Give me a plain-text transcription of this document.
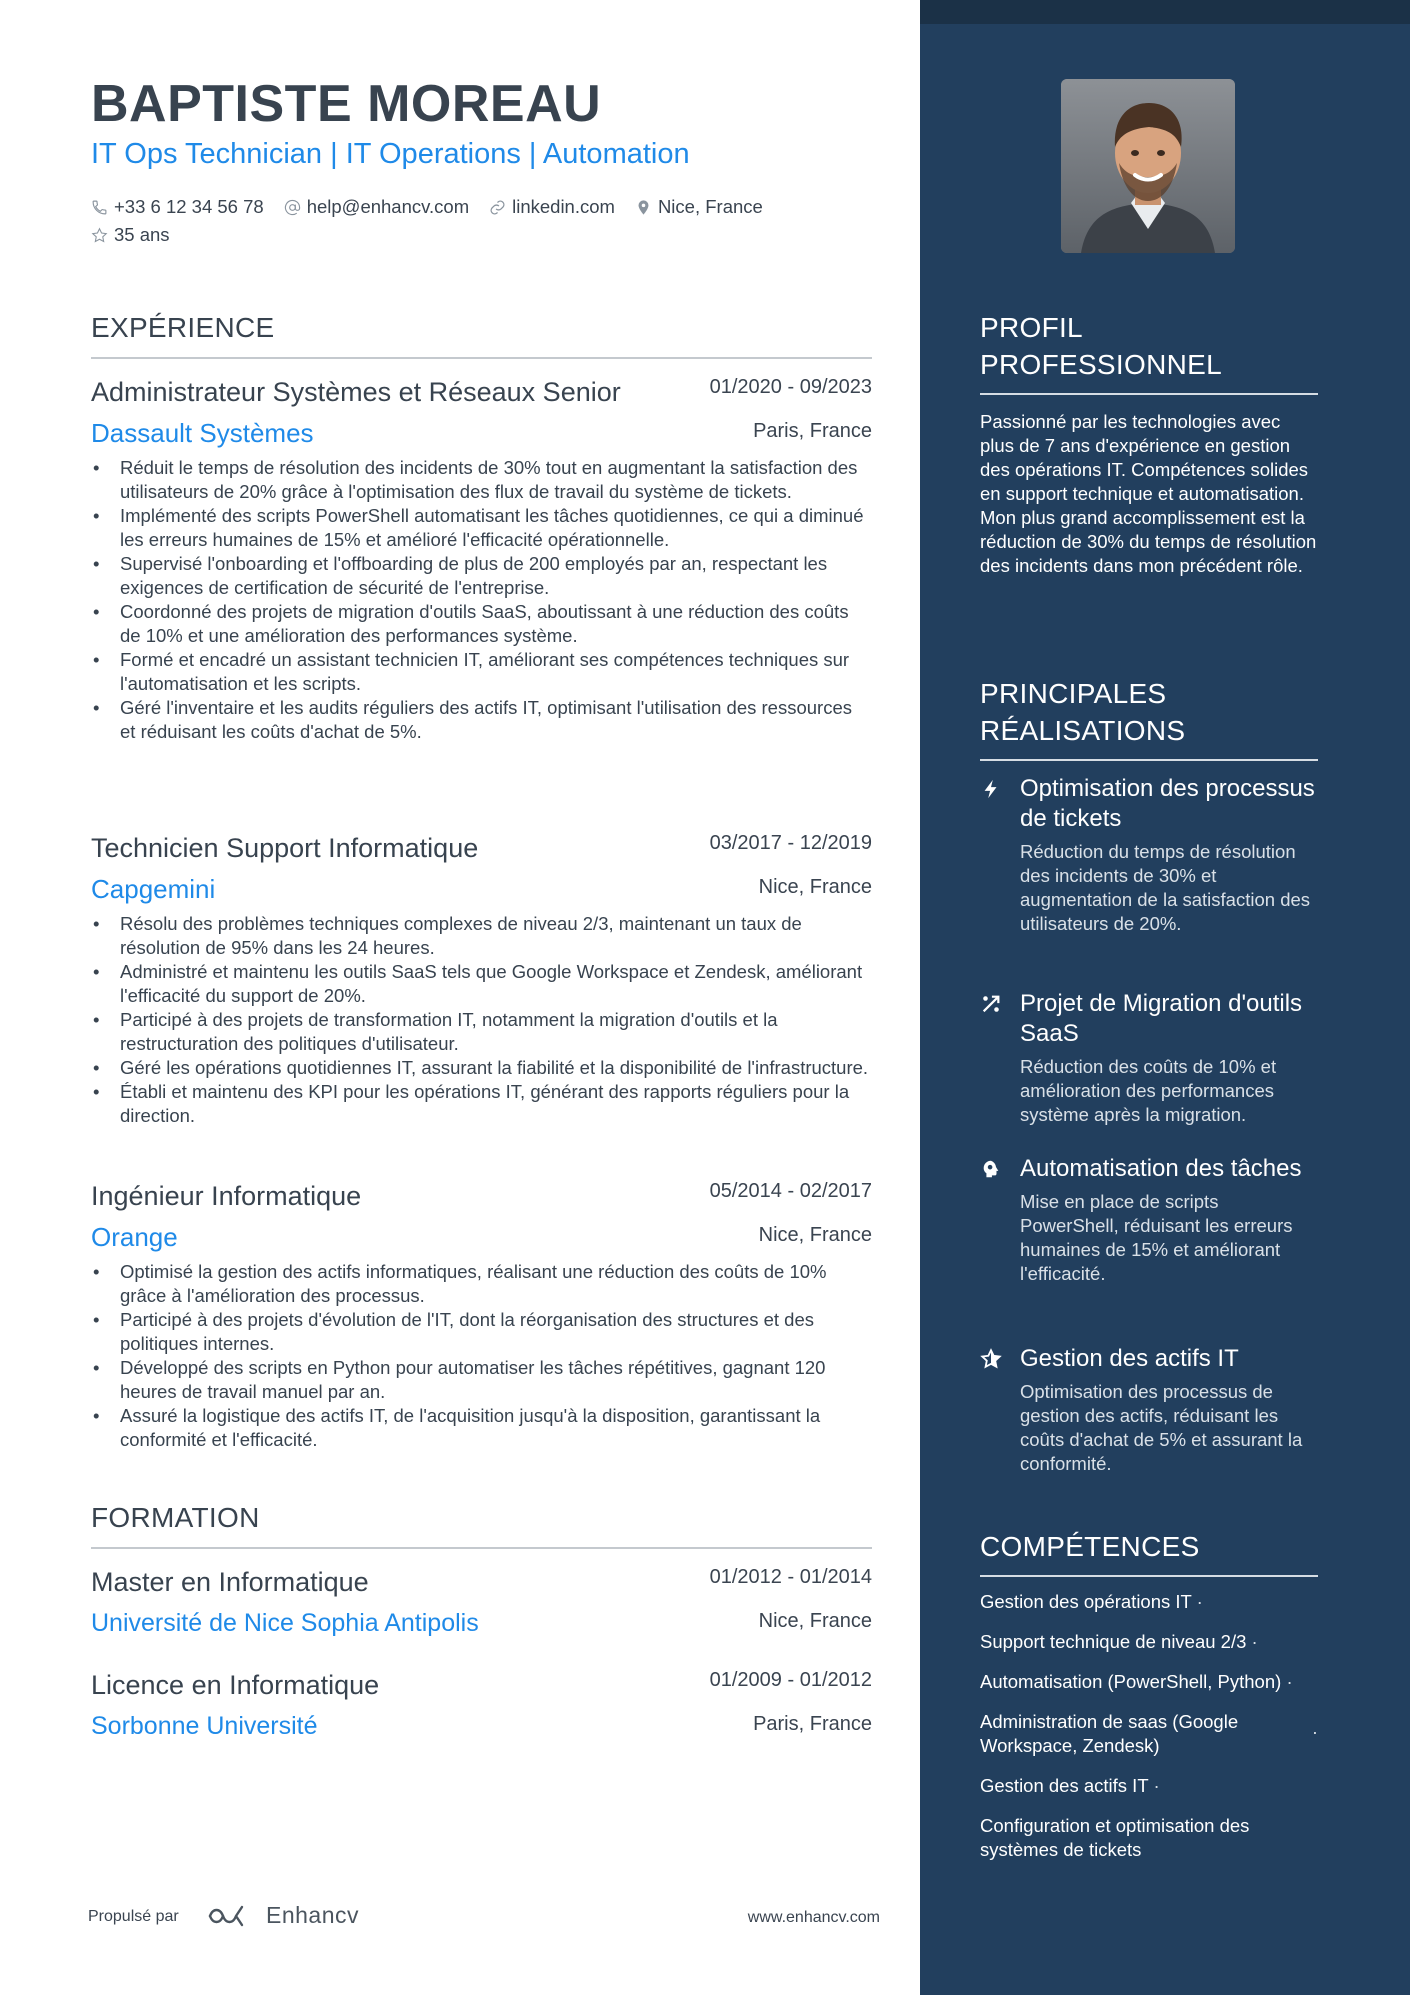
BAPTISTE MOREAU
IT Ops Technician | IT Operations | Automation
+33 6 12 34 56 78 help@enhancv.com linkedin.com Nice, France
35 ans
EXPÉRIENCE
Administrateur Systèmes et Réseaux Senior	01/2020 - 09/2023
Dassault Systèmes	Paris, France
• Réduit le temps de résolution des incidents de 30% tout en augmentant la satisfaction des utilisateurs de 20% grâce à l'optimisation des flux de travail du système de tickets.
• Implémenté des scripts PowerShell automatisant les tâches quotidiennes, ce qui a diminué les erreurs humaines de 15% et amélioré l'efficacité opérationnelle.
• Supervisé l'onboarding et l'offboarding de plus de 200 employés par an, respectant les exigences de certification de sécurité de l'entreprise.
• Coordonné des projets de migration d'outils SaaS, aboutissant à une réduction des coûts de 10% et une amélioration des performances système.
• Formé et encadré un assistant technicien IT, améliorant ses compétences techniques sur l'automatisation et les scripts.
• Géré l'inventaire et les audits réguliers des actifs IT, optimisant l'utilisation des ressources et réduisant les coûts d'achat de 5%.
Technicien Support Informatique	03/2017 - 12/2019
Capgemini	Nice, France
• Résolu des problèmes techniques complexes de niveau 2/3, maintenant un taux de résolution de 95% dans les 24 heures.
• Administré et maintenu les outils SaaS tels que Google Workspace et Zendesk, améliorant l'efficacité du support de 20%.
• Participé à des projets de transformation IT, notamment la migration d'outils et la restructuration des politiques d'utilisateur.
• Géré les opérations quotidiennes IT, assurant la fiabilité et la disponibilité de l'infrastructure.
• Établi et maintenu des KPI pour les opérations IT, générant des rapports réguliers pour la direction.
Ingénieur Informatique	05/2014 - 02/2017
Orange	Nice, France
• Optimisé la gestion des actifs informatiques, réalisant une réduction des coûts de 10% grâce à l'amélioration des processus.
• Participé à des projets d'évolution de l'IT, dont la réorganisation des structures et des politiques internes.
• Développé des scripts en Python pour automatiser les tâches répétitives, gagnant 120 heures de travail manuel par an.
• Assuré la logistique des actifs IT, de l'acquisition jusqu'à la disposition, garantissant la conformité et l'efficacité.
FORMATION
Master en Informatique	01/2012 - 01/2014
Université de Nice Sophia Antipolis	Nice, France
Licence en Informatique	01/2009 - 01/2012
Sorbonne Université	Paris, France
Propulsé par	Enhancv	www.enhancv.com
PROFIL PROFESSIONNEL
Passionné par les technologies avec plus de 7 ans d'expérience en gestion des opérations IT. Compétences solides en support technique et automatisation. Mon plus grand accomplissement est la réduction de 30% du temps de résolution des incidents dans mon précédent rôle.
PRINCIPALES RÉALISATIONS
Optimisation des processus de tickets
Réduction du temps de résolution des incidents de 30% et augmentation de la satisfaction des utilisateurs de 20%.
Projet de Migration d'outils SaaS
Réduction des coûts de 10% et amélioration des performances système après la migration.
Automatisation des tâches
Mise en place de scripts PowerShell, réduisant les erreurs humaines de 15% et améliorant l'efficacité.
Gestion des actifs IT
Optimisation des processus de gestion des actifs, réduisant les coûts d'achat de 5% et assurant la conformité.
COMPÉTENCES
Gestion des opérations IT ·
Support technique de niveau 2/3 ·
Automatisation (PowerShell, Python) ·
Administration de saas (Google Workspace, Zendesk)
·
Gestion des actifs IT ·
Configuration et optimisation des systèmes de tickets
